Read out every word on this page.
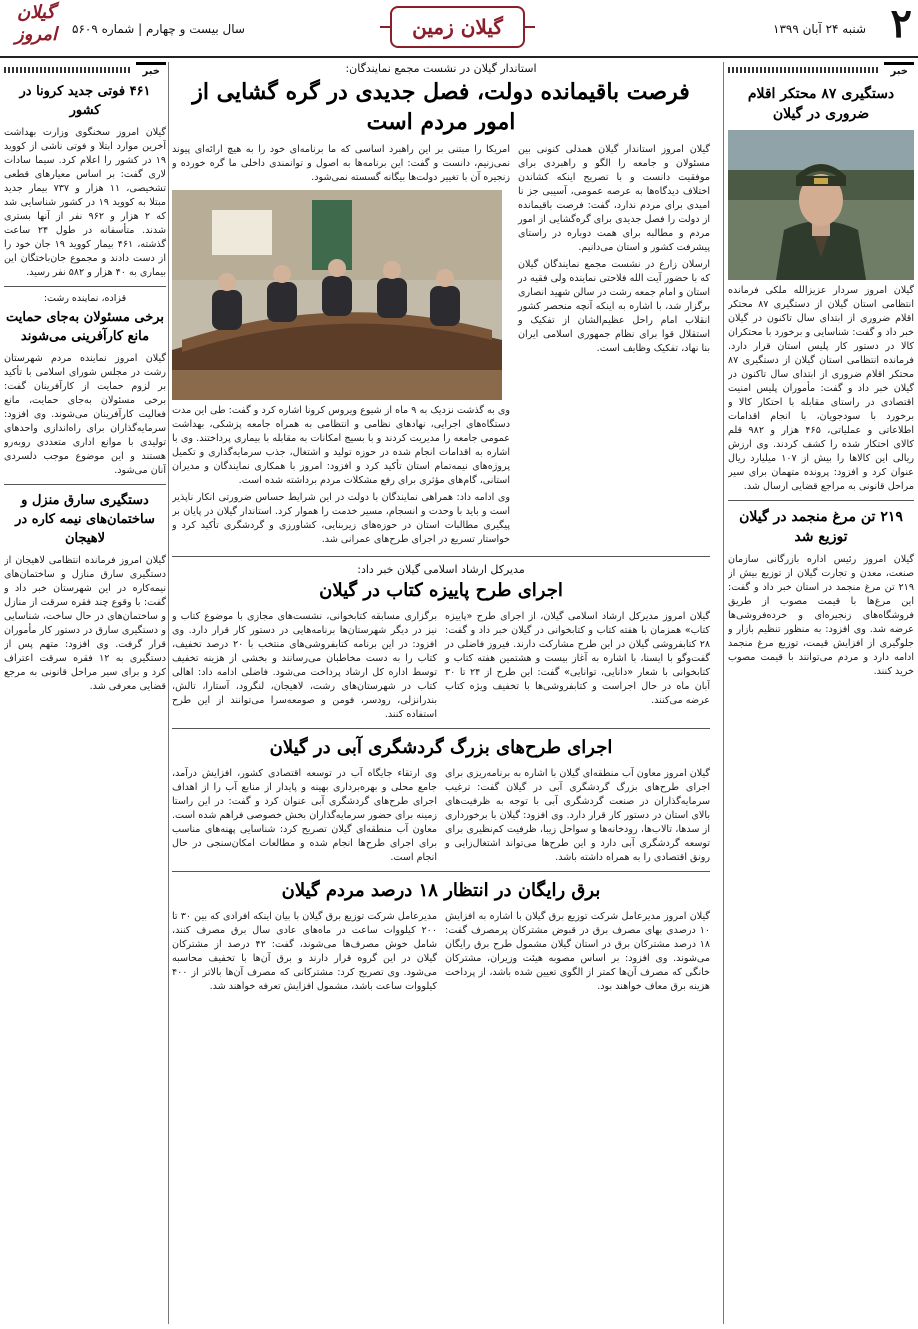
۲
شنبه ۲۴ آبان ۱۳۹۹
گیلان زمین
سال بیست و چهارم | شماره ۵۶۰۹
گیلان امروز
خبر
دستگیری ۸۷ محتکر اقلام ضروری در گیلان
گیلان امروز سردار عزیزالله ملکی فرمانده انتظامی استان گیلان از دستگیری ۸۷ محتکر اقلام ضروری از ابتدای سال تاکنون در گیلان خبر داد و گفت: شناسایی و برخورد با محتکران کالا در دستور کار پلیس استان قرار دارد. فرمانده انتظامی استان گیلان از دستگیری ۸۷ محتکر اقلام ضروری از ابتدای سال تاکنون در گیلان خبر داد و گفت: مأموران پلیس امنیت اقتصادی در راستای مقابله با احتکار کالا و برخورد با سودجویان، با انجام اقدامات اطلاعاتی و عملیاتی، ۴۶۵ هزار و ۹۸۲ قلم کالای احتکار شده را کشف کردند. وی ارزش ریالی این کالاها را بیش از ۱۰۷ میلیارد ریال عنوان کرد و افزود: پرونده متهمان برای سیر مراحل قانونی به مراجع قضایی ارسال شد.
۲۱۹ تن مرغ منجمد در گیلان توزیع شد
گیلان امروز رئیس اداره بازرگانی سازمان صنعت، معدن و تجارت گیلان از توزیع بیش از ۲۱۹ تن مرغ منجمد در استان خبر داد و گفت: این مرغ‌ها با قیمت مصوب از طریق فروشگاه‌های زنجیره‌ای و خرده‌فروشی‌ها عرضه شد. وی افزود: به منظور تنظیم بازار و جلوگیری از افزایش قیمت، توزیع مرغ منجمد ادامه دارد و مردم می‌توانند با قیمت مصوب خرید کنند.
استاندار گیلان در نشست مجمع نمایندگان:
فرصت باقیمانده دولت، فصل جدیدی در گره گشایی از امور مردم است

گیلان امروز استاندار گیلان همدلی کنونی بین مسئولان و جامعه را الگو و راهبردی برای موفقیت دانست و با تصریح اینکه کشاندن اختلاف دیدگاه‌ها به عرصه عمومی، آسیبی جز نا امیدی برای مردم ندارد، گفت: فرصت باقیمانده از دولت را فصل جدیدی برای گره‌گشایی از امور مردم و مطالبه برای همت دوباره در راستای پیشرفت کشور و استان می‌دانیم.

ارسلان زارع در نشست مجمع نمایندگان گیلان که با حضور آیت الله فلاحتی نماینده ولی فقیه در استان و امام جمعه رشت در سالن شهید انصاری برگزار شد، با اشاره به اینکه آنچه منحصر کشور انقلاب امام راحل عظیم‌الشان از تفکیک و استقلال قوا برای نظام جمهوری اسلامی ایران بنا نهاد، تفکیک وظایف است.

امریکا را مبتنی بر این راهبرد اساسی که ما برنامه‌ای خود را به هیچ ارائه‌ای پیوند نمی‌زنیم، دانست و گفت: این برنامه‌ها به اصول و توانمندی داخلی ما گره خورده و زنجیره آن با تغییر دولت‌ها بیگانه گسسته نمی‌شود.

وی به گذشت نزدیک به ۹ ماه از شیوع ویروس کرونا اشاره کرد و گفت: طی این مدت دستگاه‌های اجرایی، نهادهای نظامی و انتظامی به همراه جامعه پزشکی، بهداشت عمومی جامعه را مدیریت کردند و با بسیج امکانات به مقابله با بیماری پرداختند. وی با اشاره به اقدامات انجام شده در حوزه تولید و اشتغال، جذب سرمایه‌گذاری و تکمیل پروژه‌های نیمه‌تمام استان تأکید کرد و افزود: امروز با همکاری نمایندگان و مدیران استانی، گام‌های مؤثری برای رفع مشکلات مردم برداشته شده است.

وی ادامه داد: همراهی نمایندگان با دولت در این شرایط حساس ضرورتی انکار ناپذیر است و باید با وحدت و انسجام، مسیر خدمت را هموار کرد. استاندار گیلان در پایان بر پیگیری مطالبات استان در حوزه‌های زیربنایی، کشاورزی و گردشگری تأکید کرد و خواستار تسریع در اجرای طرح‌های عمرانی شد.

مدیرکل ارشاد اسلامی گیلان خبر داد:
اجرای طرح پاییزه کتاب در گیلان
گیلان امروز مدیرکل ارشاد اسلامی گیلان، از اجرای طرح «پاییزه کتاب» همزمان با هفته کتاب و کتابخوانی در گیلان خبر داد و گفت: ۲۸ کتابفروشی گیلان در این طرح مشارکت دارند. فیروز فاضلی در گفت‌وگو با ایسنا، با اشاره به آغاز بیست و هشتمین هفته کتاب و کتابخوانی با شعار «دانایی، توانایی» گفت: این طرح از ۲۴ تا ۳۰ آبان ماه در حال اجراست و کتابفروشی‌ها با تخفیف ویژه کتاب عرضه می‌کنند.
برگزاری مسابقه کتابخوانی، نشست‌های مجازی با موضوع کتاب و نیز در دیگر شهرستان‌ها برنامه‌هایی در دستور کار قرار دارد. وی افزود: در این برنامه کتابفروشی‌های منتخب با ۲۰ درصد تخفیف، کتاب را به دست مخاطبان می‌رسانند و بخشی از هزینه تخفیف توسط اداره کل ارشاد پرداخت می‌شود. فاضلی ادامه داد: اهالی کتاب در شهرستان‌های رشت، لاهیجان، لنگرود، آستارا، تالش، بندرانزلی، رودسر، فومن و صومعه‌سرا می‌توانند از این طرح استفاده کنند.
اجرای طرح‌های بزرگ گردشگری آبی در گیلان
گیلان امروز معاون آب منطقه‌ای گیلان با اشاره به برنامه‌ریزی برای اجرای طرح‌های بزرگ گردشگری آبی در گیلان گفت: ترغیب سرمایه‌گذاران در صنعت گردشگری آبی با توجه به ظرفیت‌های بالای استان در دستور کار قرار دارد. وی افزود: گیلان با برخورداری از سدها، تالاب‌ها، رودخانه‌ها و سواحل زیبا، ظرفیت کم‌نظیری برای توسعه گردشگری آبی دارد و این طرح‌ها می‌تواند اشتغال‌زایی و رونق اقتصادی را به همراه داشته باشد.
وی ارتقاء جایگاه آب در توسعه اقتصادی کشور، افزایش درآمد، جامع محلی و بهره‌برداری بهینه و پایدار از منابع آب را از اهداف اجرای طرح‌های گردشگری آبی عنوان کرد و گفت: در این راستا زمینه برای حضور سرمایه‌گذاران بخش خصوصی فراهم شده است. معاون آب منطقه‌ای گیلان تصریح کرد: شناسایی پهنه‌های مناسب برای اجرای طرح‌ها انجام شده و مطالعات امکان‌سنجی در حال انجام است.
برق رایگان در انتظار ۱۸ درصد مردم گیلان
گیلان امروز مدیرعامل شرکت توزیع برق گیلان با اشاره به افزایش ۱۰ درصدی بهای مصرف برق در قبوض مشترکان پرمصرف گفت: ۱۸ درصد مشترکان برق در استان گیلان مشمول طرح برق رایگان می‌شوند. وی افزود: بر اساس مصوبه هیئت وزیران، مشترکان خانگی که مصرف آن‌ها کمتر از الگوی تعیین شده باشد، از پرداخت هزینه برق معاف خواهند بود.
مدیرعامل شرکت توزیع برق گیلان با بیان اینکه افرادی که بین ۳۰ تا ۲۰۰ کیلووات ساعت در ماه‌های عادی سال برق مصرف کنند، شامل خوش مصرف‌ها می‌شوند، گفت: ۴۲ درصد از مشترکان گیلان در این گروه قرار دارند و برق آن‌ها با تخفیف محاسبه می‌شود. وی تصریح کرد: مشترکانی که مصرف آن‌ها بالاتر از ۴۰۰ کیلووات ساعت باشد، مشمول افزایش تعرفه خواهند شد.
خبر
۴۶۱ فوتی جدید کرونا در کشور
گیلان امروز سخنگوی وزارت بهداشت آخرین موارد ابتلا و فوتی ناشی از کووید ۱۹ در کشور را اعلام کرد. سیما سادات لاری گفت: بر اساس معیارهای قطعی تشخیصی، ۱۱ هزار و ۷۳۷ بیمار جدید مبتلا به کووید ۱۹ در کشور شناسایی شد که ۲ هزار و ۹۶۲ نفر از آنها بستری شدند. متأسفانه در طول ۲۴ ساعت گذشته، ۴۶۱ بیمار کووید ۱۹ جان خود را از دست دادند و مجموع جان‌باختگان این بیماری به ۴۰ هزار و ۵۸۲ نفر رسید.
قزاده، نماینده رشت:
برخی مسئولان به‌جای حمایت مانع کارآفرینی می‌شوند
گیلان امروز نماینده مردم شهرستان رشت در مجلس شورای اسلامی با تأکید بر لزوم حمایت از کارآفرینان گفت: برخی مسئولان به‌جای حمایت، مانع فعالیت کارآفرینان می‌شوند. وی افزود: سرمایه‌گذاران برای راه‌اندازی واحدهای تولیدی با موانع اداری متعددی روبه‌رو هستند و این موضوع موجب دلسردی آنان می‌شود.
دستگیری سارق منزل و ساختمان‌های نیمه کاره در لاهیجان
گیلان امروز فرمانده انتظامی لاهیجان از دستگیری سارق منازل و ساختمان‌های نیمه‌کاره در این شهرستان خبر داد و گفت: با وقوع چند فقره سرقت از منازل و ساختمان‌های در حال ساخت، شناسایی و دستگیری سارق در دستور کار مأموران قرار گرفت. وی افزود: متهم پس از دستگیری به ۱۲ فقره سرقت اعتراف کرد و برای سیر مراحل قانونی به مرجع قضایی معرفی شد.
